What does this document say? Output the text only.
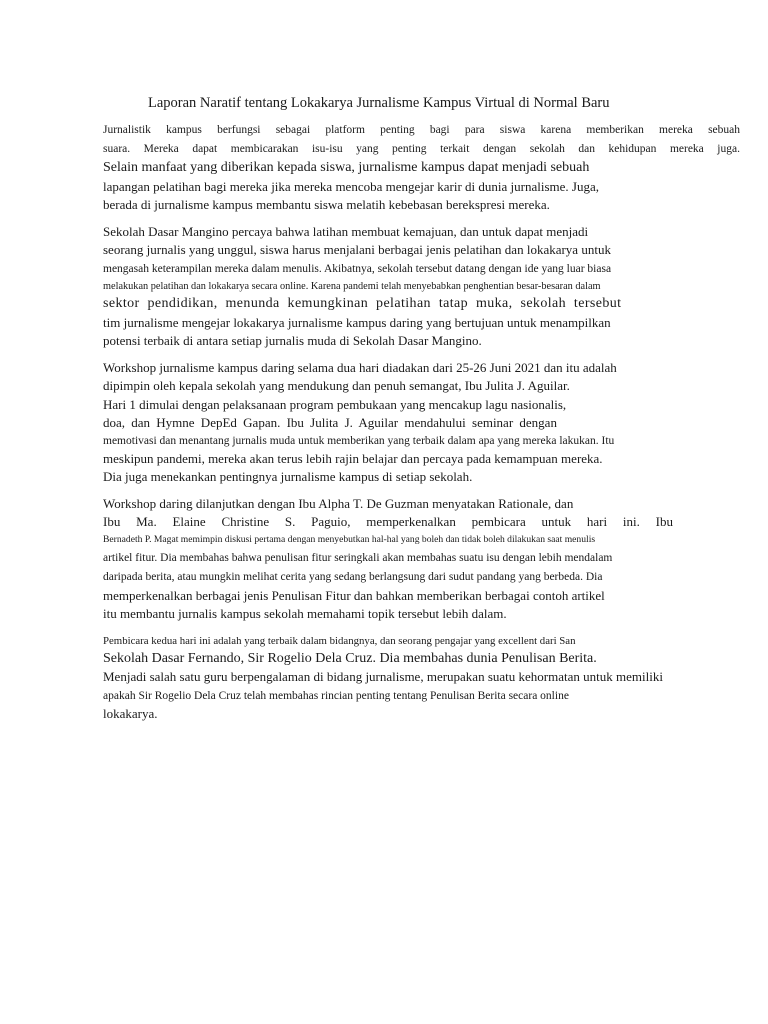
Laporan Naratif tentang Lokakarya Jurnalisme Kampus Virtual di Normal Baru
Jurnalistik kampus berfungsi sebagai platform penting bagi para siswa karena memberikan mereka sebuah
suara. Mereka dapat membicarakan isu-isu yang penting terkait dengan sekolah dan kehidupan mereka juga.
Selain manfaat yang diberikan kepada siswa, jurnalisme kampus dapat menjadi sebuah
lapangan pelatihan bagi mereka jika mereka mencoba mengejar karir di dunia jurnalisme. Juga,
berada di jurnalisme kampus membantu siswa melatih kebebasan berekspresi mereka.
Sekolah Dasar Mangino percaya bahwa latihan membuat kemajuan, dan untuk dapat menjadi
seorang jurnalis yang unggul, siswa harus menjalani berbagai jenis pelatihan dan lokakarya untuk
mengasah keterampilan mereka dalam menulis. Akibatnya, sekolah tersebut datang dengan ide yang luar biasa
melakukan pelatihan dan lokakarya secara online. Karena pandemi telah menyebabkan penghentian besar-besaran dalam
sektor pendidikan, menunda kemungkinan pelatihan tatap muka, sekolah tersebut
tim jurnalisme mengejar lokakarya jurnalisme kampus daring yang bertujuan untuk menampilkan
potensi terbaik di antara setiap jurnalis muda di Sekolah Dasar Mangino.
Workshop jurnalisme kampus daring selama dua hari diadakan dari 25-26 Juni 2021 dan itu adalah
dipimpin oleh kepala sekolah yang mendukung dan penuh semangat, Ibu Julita J. Aguilar.
Hari 1 dimulai dengan pelaksanaan program pembukaan yang mencakup lagu nasionalis,
doa, dan Hymne DepEd Gapan. Ibu Julita J. Aguilar mendahului seminar dengan
memotivasi dan menantang jurnalis muda untuk memberikan yang terbaik dalam apa yang mereka lakukan. Itu
meskipun pandemi, mereka akan terus lebih rajin belajar dan percaya pada kemampuan mereka.
Dia juga menekankan pentingnya jurnalisme kampus di setiap sekolah.
Workshop daring dilanjutkan dengan Ibu Alpha T. De Guzman menyatakan Rationale, dan
Ibu Ma. Elaine Christine S. Paguio, memperkenalkan pembicara untuk hari ini. Ibu
Bernadeth P. Magat memimpin diskusi pertama dengan menyebutkan hal-hal yang boleh dan tidak boleh dilakukan saat menulis
artikel fitur. Dia membahas bahwa penulisan fitur seringkali akan membahas suatu isu dengan lebih mendalam
daripada berita, atau mungkin melihat cerita yang sedang berlangsung dari sudut pandang yang berbeda. Dia
memperkenalkan berbagai jenis Penulisan Fitur dan bahkan memberikan berbagai contoh artikel
itu membantu jurnalis kampus sekolah memahami topik tersebut lebih dalam.
Pembicara kedua hari ini adalah yang terbaik dalam bidangnya, dan seorang pengajar yang excellent dari San
Sekolah Dasar Fernando, Sir Rogelio Dela Cruz. Dia membahas dunia Penulisan Berita.
Menjadi salah satu guru berpengalaman di bidang jurnalisme, merupakan suatu kehormatan untuk memiliki
apakah Sir Rogelio Dela Cruz telah membahas rincian penting tentang Penulisan Berita secara online
lokakarya.
